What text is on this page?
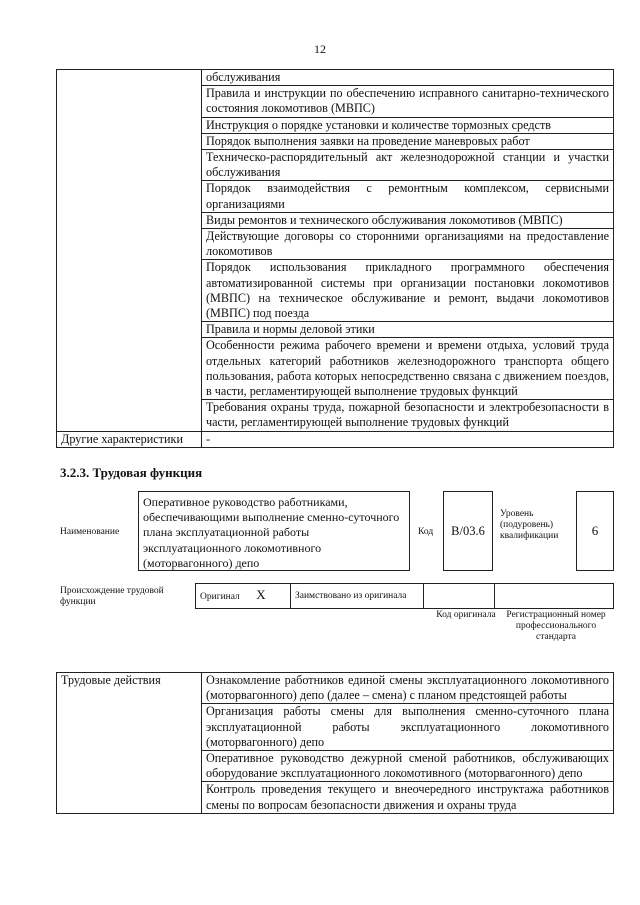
12
	обслуживания
	Правила и инструкции по обеспечению исправного санитарно-технического состояния локомотивов (МВПС)
	Инструкция о порядке установки и количестве тормозных средств
	Порядок выполнения заявки на проведение маневровых работ
	Техническо-распорядительный акт железнодорожной станции и участки обслуживания
	Порядок взаимодействия с ремонтным комплексом, сервисными организациями
	Виды ремонтов и технического обслуживания локомотивов (МВПС)
	Действующие договоры со сторонними организациями на предоставление локомотивов
	Порядок использования прикладного программного обеспечения автоматизированной системы при организации постановки локомотивов (МВПС) на техническое обслуживание и ремонт, выдачи локомотивов (МВПС) под поезда
	Правила и нормы деловой этики
	Особенности режима рабочего времени и времени отдыха, условий труда отдельных категорий работников железнодорожного транспорта общего пользования, работа которых непосредственно связана с движением поездов, в части, регламентирующей выполнение трудовых функций
	Требования охраны труда, пожарной безопасности и электробезопасности в части, регламентирующей выполнение трудовых функций
Другие характеристики	-
3.2.3. Трудовая функция
Наименование
Оперативное руководство работниками, обеспечивающими выполнение сменно-суточного плана эксплуатационной работы эксплуатационного локомотивного (моторвагонного) депо
Код	B/03.6
Уровень (подуровень) квалификации	6
Происхождение трудовой функции
Оригинал X	Заимствовано из оригинала		
Код оригинала Регистрационный номер профессионального стандарта
Трудовые действия	Ознакомление работников единой смены эксплуатационного локомотивного (моторвагонного) депо (далее – смена) с планом предстоящей работы
Организация работы смены для выполнения сменно-суточного плана эксплуатационной работы эксплуатационного локомотивного (моторвагонного) депо
Оперативное руководство дежурной сменой работников, обслуживающих оборудование эксплуатационного локомотивного (моторвагонного) депо
Контроль проведения текущего и внеочередного инструктажа работников смены по вопросам безопасности движения и охраны труда
